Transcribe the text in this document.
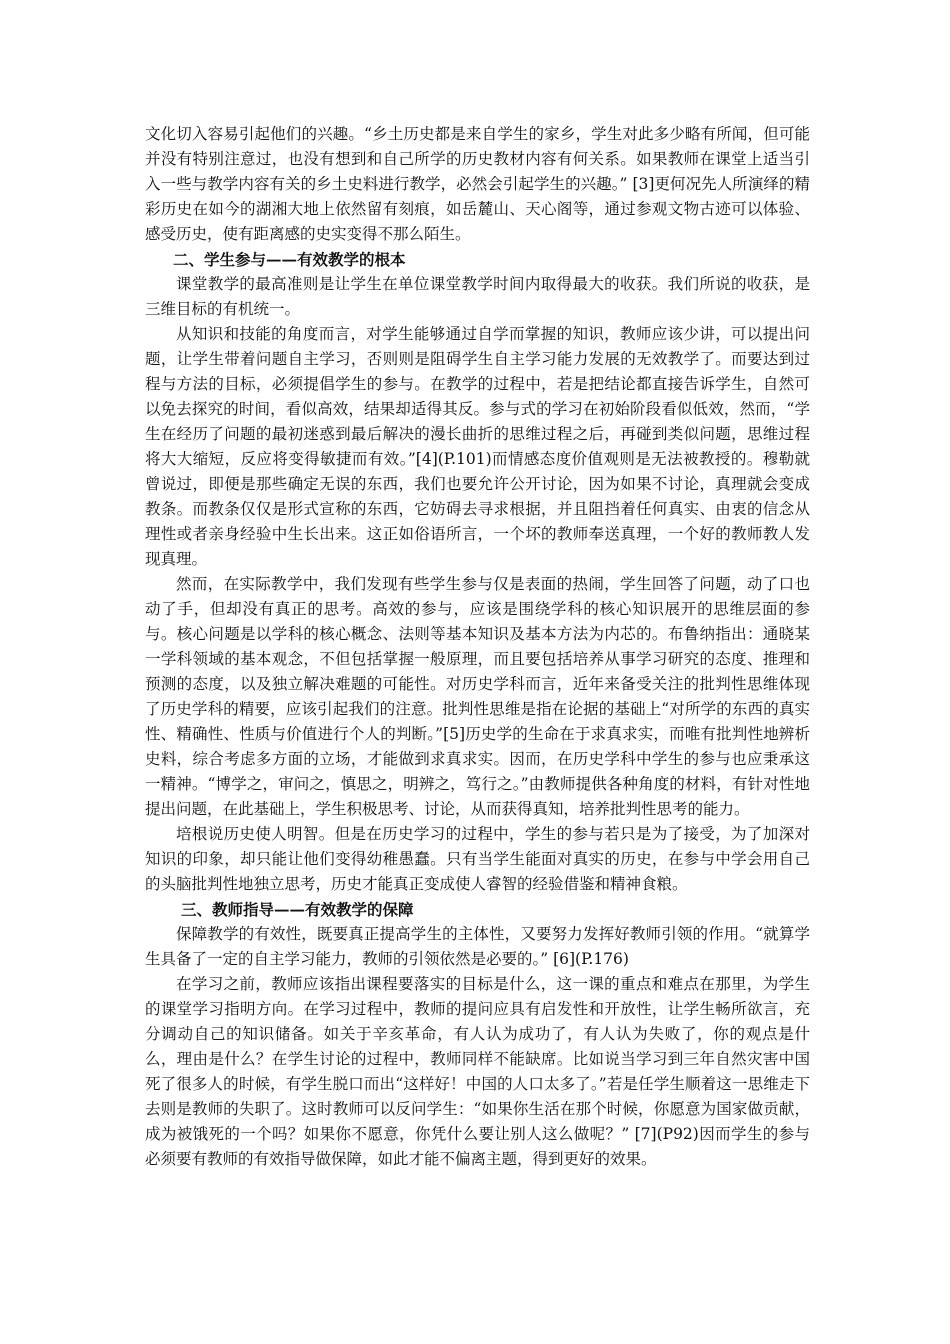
文化切入容易引起他们的兴趣。“乡土历史都是来自学生的家乡，学生对此多少略有所闻，但可能并没有特别注意过，也没有想到和自己所学的历史教材内容有何关系。如果教师在课堂上适当引入一些与教学内容有关的乡土史料进行教学，必然会引起学生的兴趣。” [3]更何况先人所演绎的精彩历史在如今的湖湘大地上依然留有刻痕，如岳麓山、天心阁等，通过参观文物古迹可以体验、感受历史，使有距离感的史实变得不那么陌生。

二、学生参与——有效教学的根本

课堂教学的最高准则是让学生在单位课堂教学时间内取得最大的收获。我们所说的收获，是三维目标的有机统一。

从知识和技能的角度而言，对学生能够通过自学而掌握的知识，教师应该少讲，可以提出问题，让学生带着问题自主学习，否则则是阻碍学生自主学习能力发展的无效教学了。而要达到过程与方法的目标，必须提倡学生的参与。在教学的过程中，若是把结论都直接告诉学生，自然可以免去探究的时间，看似高效，结果却适得其反。参与式的学习在初始阶段看似低效，然而，“学生在经历了问题的最初迷惑到最后解决的漫长曲折的思维过程之后，再碰到类似问题，思维过程将大大缩短，反应将变得敏捷而有效。”[4](P.101)而情感态度价值观则是无法被教授的。穆勒就曾说过，即便是那些确定无误的东西，我们也要允许公开讨论，因为如果不讨论，真理就会变成教条。而教条仅仅是形式宣称的东西，它妨碍去寻求根据，并且阻挡着任何真实、由衷的信念从理性或者亲身经验中生长出来。这正如俗语所言，一个坏的教师奉送真理，一个好的教师教人发现真理。

然而，在实际教学中，我们发现有些学生参与仅是表面的热闹，学生回答了问题，动了口也动了手，但却没有真正的思考。高效的参与，应该是围绕学科的核心知识展开的思维层面的参与。核心问题是以学科的核心概念、法则等基本知识及基本方法为内芯的。布鲁纳指出：通晓某一学科领域的基本观念，不但包括掌握一般原理，而且要包括培养从事学习研究的态度、推理和预测的态度，以及独立解决难题的可能性。对历史学科而言，近年来备受关注的批判性思维体现了历史学科的精要，应该引起我们的注意。批判性思维是指在论据的基础上“对所学的东西的真实性、精确性、性质与价值进行个人的判断。”[5]历史学的生命在于求真求实，而唯有批判性地辨析史料，综合考虑多方面的立场，才能做到求真求实。因而，在历史学科中学生的参与也应秉承这一精神。“博学之，审问之，慎思之，明辨之，笃行之。”由教师提供各种角度的材料，有针对性地提出问题，在此基础上，学生积极思考、讨论，从而获得真知，培养批判性思考的能力。

培根说历史使人明智。但是在历史学习的过程中，学生的参与若只是为了接受，为了加深对知识的印象，却只能让他们变得幼稚愚蠢。只有当学生能面对真实的历史，在参与中学会用自己的头脑批判性地独立思考，历史才能真正变成使人睿智的经验借鉴和精神食粮。

三、教师指导——有效教学的保障

保障教学的有效性，既要真正提高学生的主体性，又要努力发挥好教师引领的作用。“就算学生具备了一定的自主学习能力，教师的引领依然是必要的。” [6](P.176)

在学习之前，教师应该指出课程要落实的目标是什么，这一课的重点和难点在那里，为学生的课堂学习指明方向。在学习过程中，教师的提问应具有启发性和开放性，让学生畅所欲言，充分调动自己的知识储备。如关于辛亥革命，有人认为成功了，有人认为失败了，你的观点是什么，理由是什么？在学生讨论的过程中，教师同样不能缺席。比如说当学习到三年自然灾害中国死了很多人的时候，有学生脱口而出“这样好！中国的人口太多了。”若是任学生顺着这一思维走下去则是教师的失职了。这时教师可以反问学生：“如果你生活在那个时候，你愿意为国家做贡献，成为被饿死的一个吗？如果你不愿意，你凭什么要让别人这么做呢？” [7](P92)因而学生的参与必须要有教师的有效指导做保障，如此才能不偏离主题，得到更好的效果。
